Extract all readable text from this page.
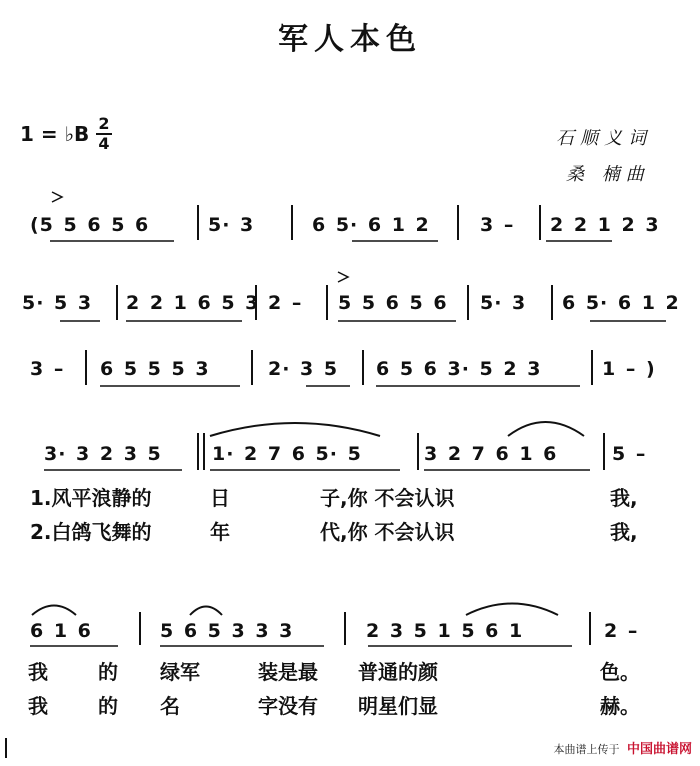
军人本色
1 = ♭B 2
4	石顺义词
桑 楠曲
(5 5 6 5 6	5· 3	6 5· 6 1 2	3 – 2 2 1 2 3
5· 5 3 2 2 1 6 5 3 2 – 5 5 6 5 6 5· 3 6 5· 6 1 2
3 – 6 5 5 5 3	2· 3 5 6 5 6 3· 5 2 3	1 – )
3· 3 2 3 5	1· 2 7 6 5· 5	3 2 7 6 1 6	5 –
6 1 6	5 6 5 3 3 3	2 3 5 1 5 6 1	2 –
1.风平浪静的	日	子,你 不会认识	我,
2.白鸽飞舞的	年	代,你 不会认识	我,
我	的 绿军	装是最 普通的颜	色。
我	的 名	字没有 明星们显	赫。
本曲谱上传于 中国曲谱网
